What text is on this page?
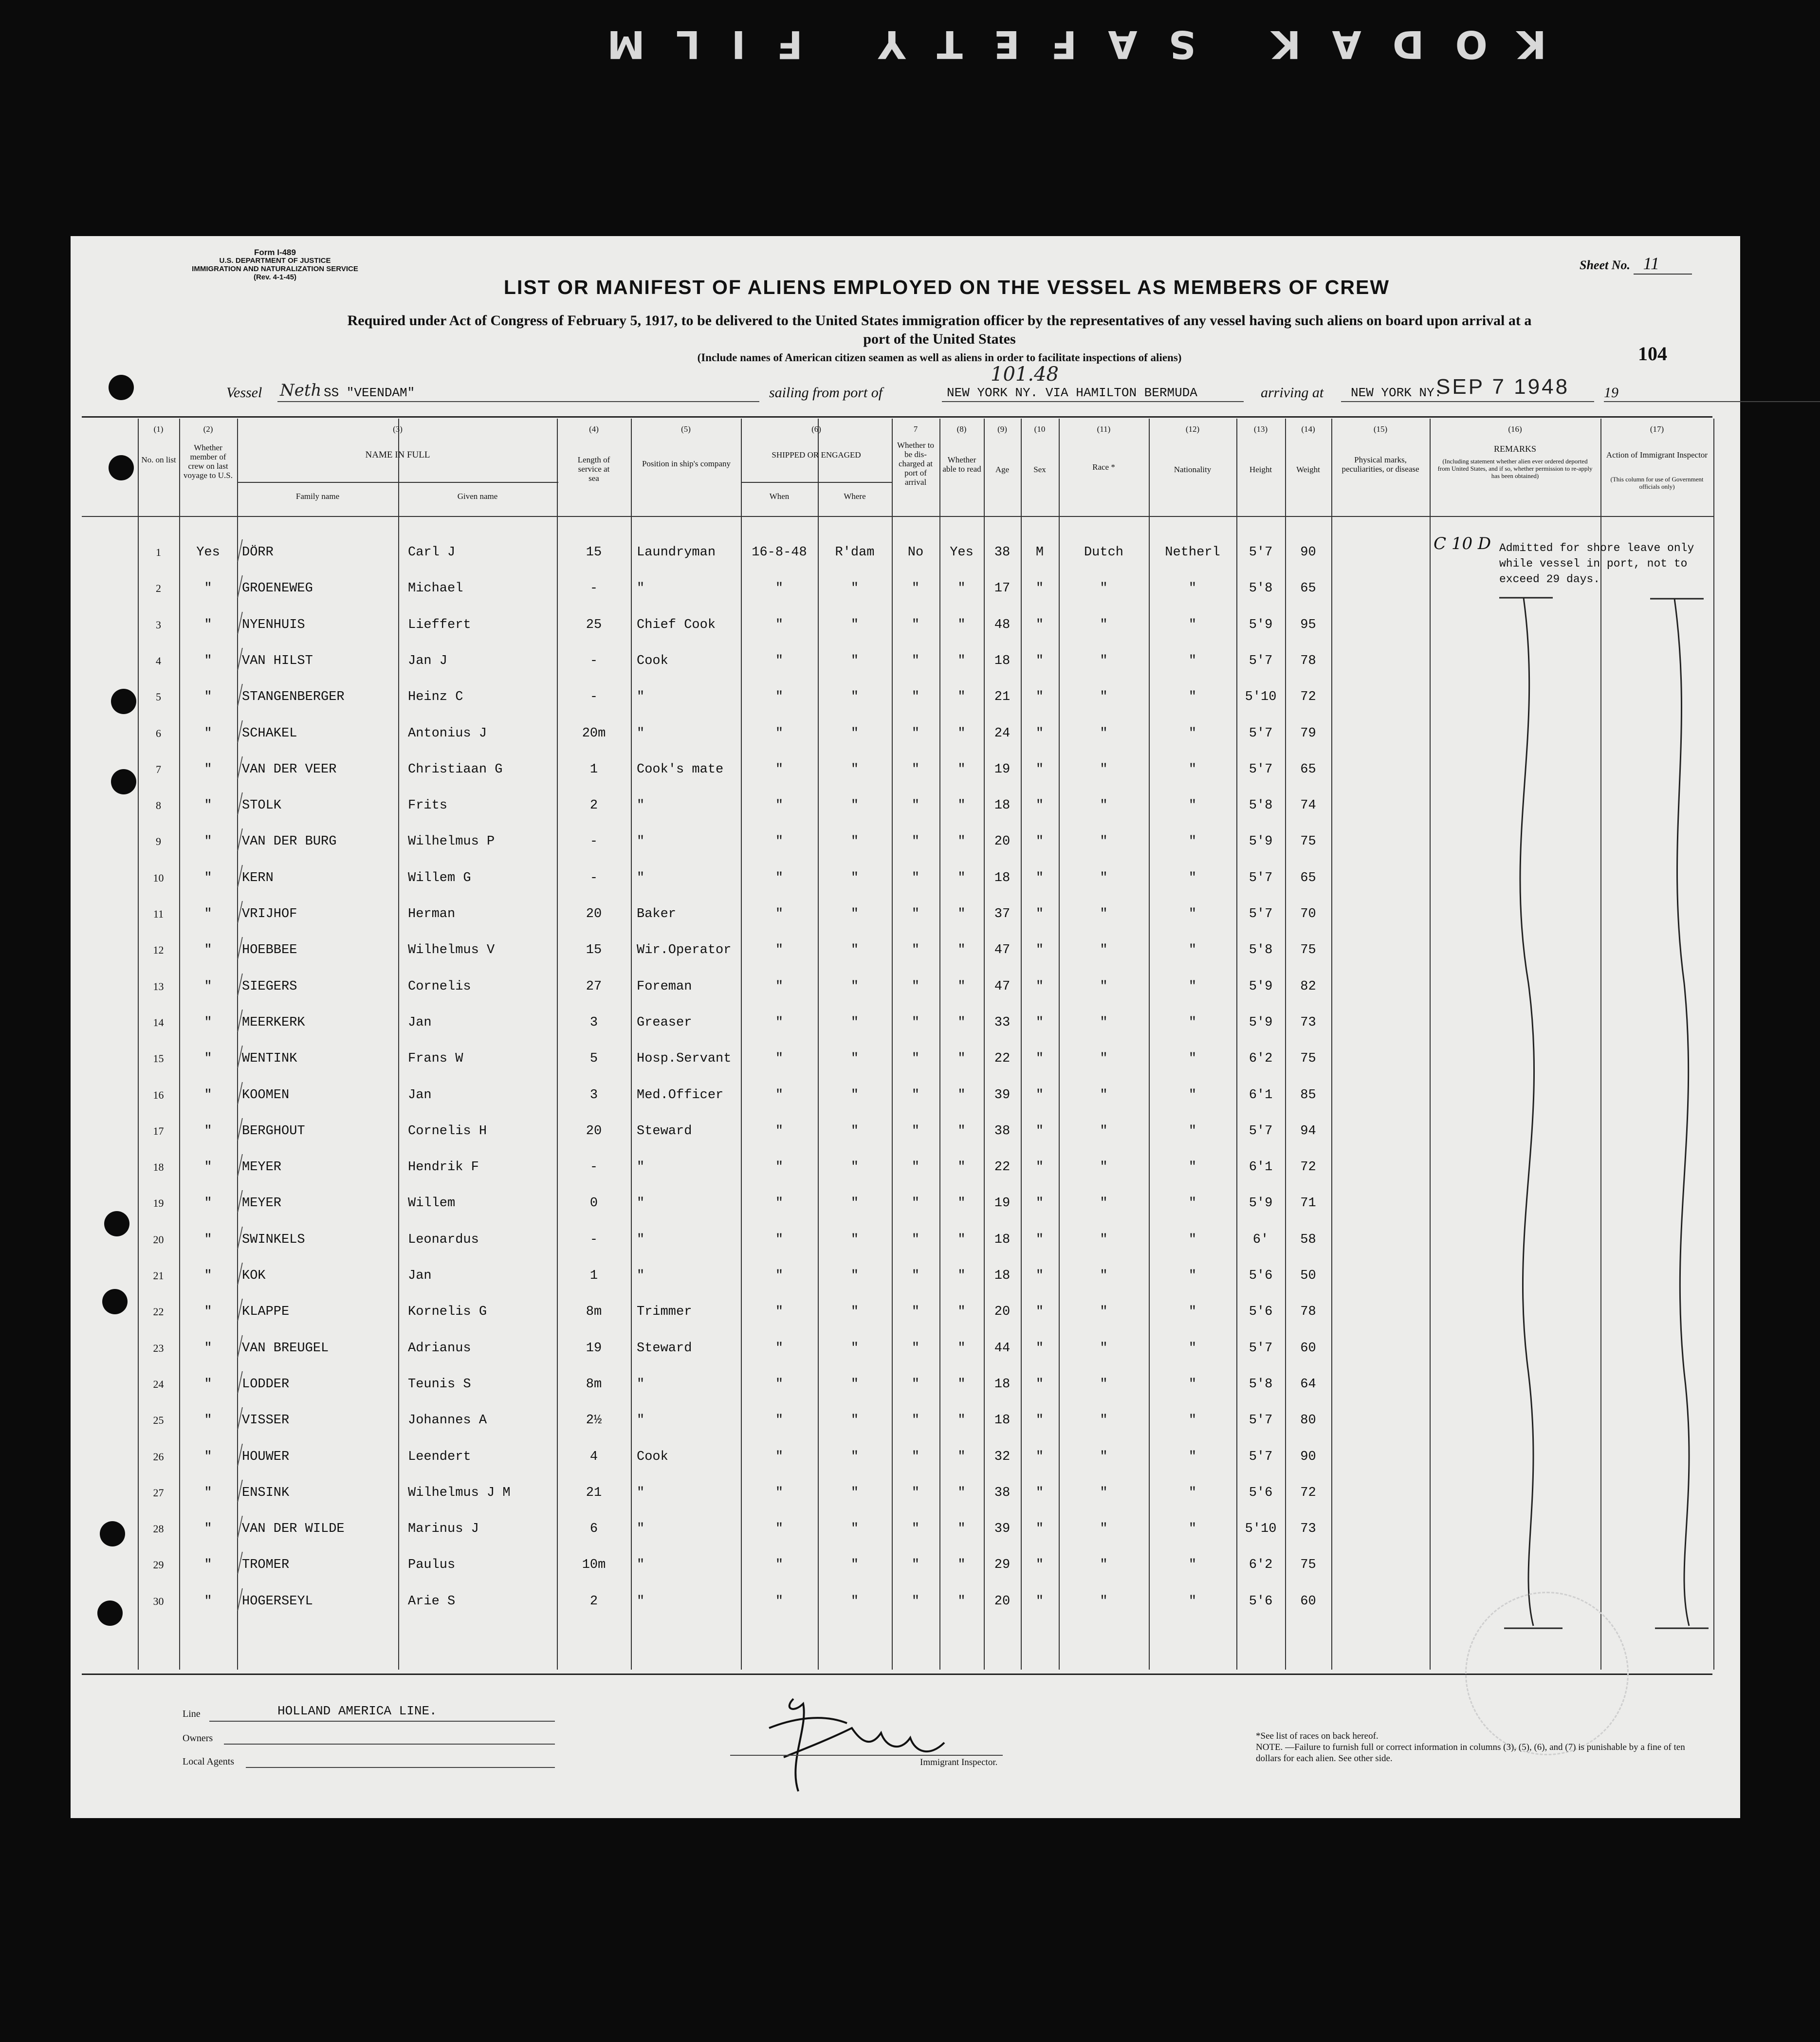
KODAK SAFETY FILM
Form I-489
U.S. DEPARTMENT OF JUSTICE
IMMIGRATION AND NATURALIZATION SERVICE
(Rev. 4-1-45)
Sheet No. 11
LIST OR MANIFEST OF ALIENS EMPLOYED ON THE VESSEL AS MEMBERS OF CREW
Required under Act of Congress of February 5, 1917, to be delivered to the United States immigration officer by the representatives of any vessel having such aliens on board upon arrival at a
port of the United States
(Include names of American citizen seamen as well as aliens in order to facilitate inspections of aliens)	104
Vessel Neth SS "VEENDAM"	sailing from port of	NEW YORK NY. VIA HAMILTON BERMUDA
101.48
arriving at NEW YORK NY.	19
SEP 7 1948
(1)
No. on list
(2)
Whether member of crew on last voyage to U.S.
(3)
NAME IN FULL
Family name	Given name
(4)
Length of service at sea
(5)
Position in ship's company
(6)
SHIPPED OR ENGAGED
When	Where
7
Whether to be dis-charged at port of arrival
(8)
Whether able to read
(9)
Age
(10
Sex
(11)
Race *
(12)
Nationality
(13)
Height
(14)
Weight
(15)
Physical marks, peculiarities, or disease
(16)
REMARKS
(Including statement whether alien ever ordered deported from United States, and if so, whether permission to re-apply has been obtained)
(17)
Action of Immigrant Inspector
(This column for use of Government officials only)
1	Yes	DÖRR	Carl J	15	Laundryman	16-8-48	R'dam	No	Yes	38	M	Dutch	Netherl	5'7	90
2	"	GROENEWEG	Michael	-	"	"	"	"	"	17	"	"	"	5'8	65
3	"	NYENHUIS	Lieffert	25	Chief Cook	"	"	"	"	48	"	"	"	5'9	95
4	"	VAN HILST	Jan J	-	Cook	"	"	"	"	18	"	"	"	5'7	78
5	"	STANGENBERGER	Heinz C	-	"	"	"	"	"	21	"	"	"	5'10	72
6	"	SCHAKEL	Antonius J	20m	"	"	"	"	"	24	"	"	"	5'7	79
7	"	VAN DER VEER	Christiaan G	1	Cook's mate	"	"	"	"	19	"	"	"	5'7	65
8	"	STOLK	Frits	2	"	"	"	"	"	18	"	"	"	5'8	74
9	"	VAN DER BURG	Wilhelmus P	-	"	"	"	"	"	20	"	"	"	5'9	75
10	"	KERN	Willem G	-	"	"	"	"	"	18	"	"	"	5'7	65
11	"	VRIJHOF	Herman	20	Baker	"	"	"	"	37	"	"	"	5'7	70
12	"	HOEBBEE	Wilhelmus V	15	Wir.Operator	"	"	"	"	47	"	"	"	5'8	75
13	"	SIEGERS	Cornelis	27	Foreman	"	"	"	"	47	"	"	"	5'9	82
14	"	MEERKERK	Jan	3	Greaser	"	"	"	"	33	"	"	"	5'9	73
15	"	WENTINK	Frans W	5	Hosp.Servant	"	"	"	"	22	"	"	"	6'2	75
16	"	KOOMEN	Jan	3	Med.Officer	"	"	"	"	39	"	"	"	6'1	85
17	"	BERGHOUT	Cornelis H	20	Steward	"	"	"	"	38	"	"	"	5'7	94
18	"	MEYER	Hendrik F	-	"	"	"	"	"	22	"	"	"	6'1	72
19	"	MEYER	Willem	0	"	"	"	"	"	19	"	"	"	5'9	71
20	"	SWINKELS	Leonardus	-	"	"	"	"	"	18	"	"	"	6'	58
21	"	KOK	Jan	1	"	"	"	"	"	18	"	"	"	5'6	50
22	"	KLAPPE	Kornelis G	8m	Trimmer	"	"	"	"	20	"	"	"	5'6	78
23	"	VAN BREUGEL	Adrianus	19	Steward	"	"	"	"	44	"	"	"	5'7	60
24	"	LODDER	Teunis S	8m	"	"	"	"	"	18	"	"	"	5'8	64
25	"	VISSER	Johannes A	2½	"	"	"	"	"	18	"	"	"	5'7	80
26	"	HOUWER	Leendert	4	Cook	"	"	"	"	32	"	"	"	5'7	90
27	"	ENSINK	Wilhelmus J M	21	"	"	"	"	"	38	"	"	"	5'6	72
28	"	VAN DER WILDE	Marinus J	6	"	"	"	"	"	39	"	"	"	5'10	73
29	"	TROMER	Paulus	10m	"	"	"	"	"	29	"	"	"	6'2	75
30	"	HOGERSEYL	Arie S	2	"	"	"	"	"	20	"	"	"	5'6	60
C 10 D Admitted for shore leave only while vessel in port, not to exceed 29 days.
Line	HOLLAND AMERICA LINE.
Owners
Local Agents	Immigrant Inspector.
*See list of races on back hereof.
NOTE. —Failure to furnish full or correct information in columns (3), (5), (6), and (7) is punishable by a fine of ten dollars for each alien. See other side.
